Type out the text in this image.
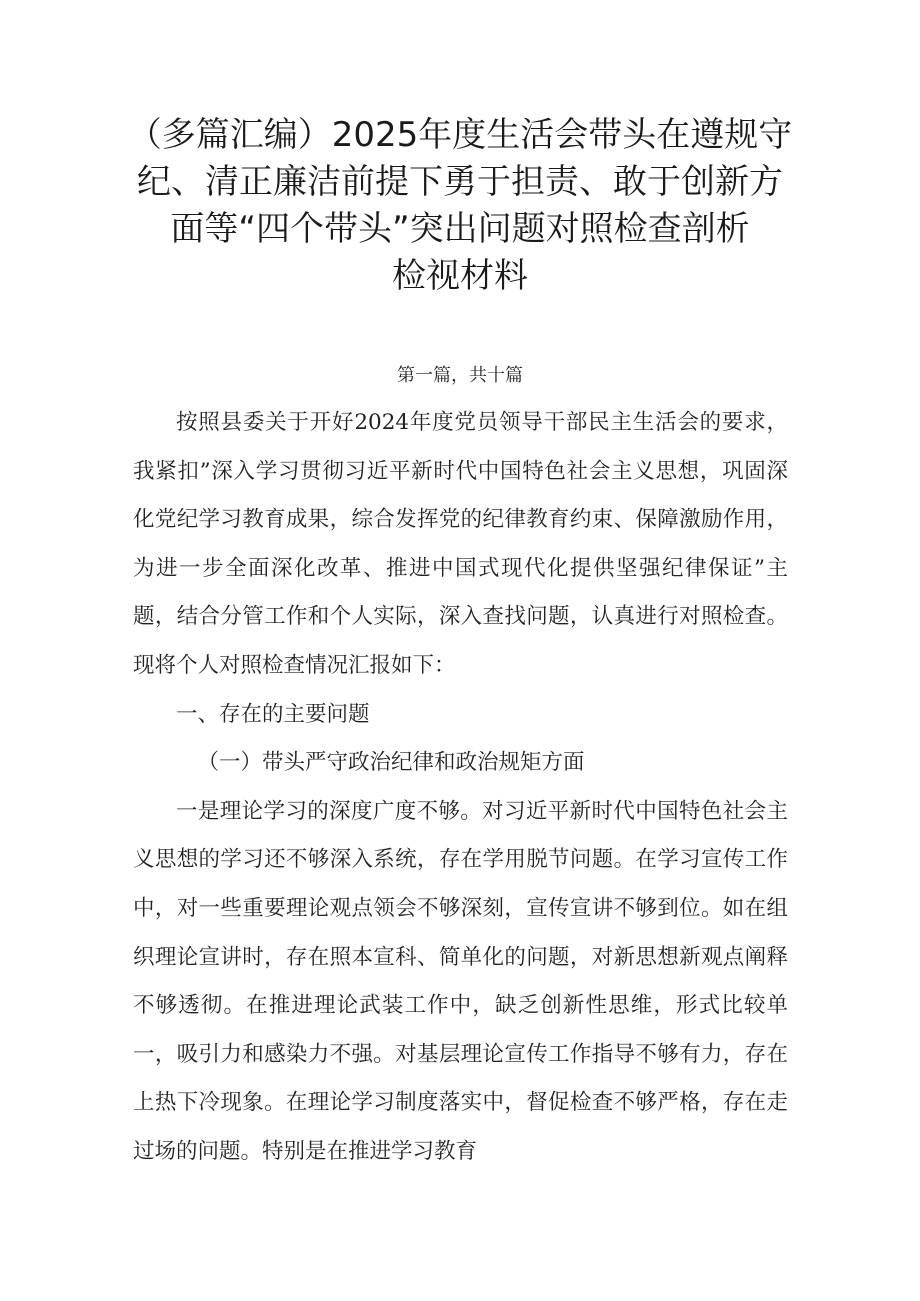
（多篇汇编）2025年度生活会带头在遵规守
纪、清正廉洁前提下勇于担责、敢于创新方
面等“四个带头”突出问题对照检查剖析
检视材料

第一篇，共十篇

按照县委关于开好2024年度党员领导干部民主生活会的要求，我紧扣”深入学习贯彻习近平新时代中国特色社会主义思想，巩固深化党纪学习教育成果，综合发挥党的纪律教育约束、保障激励作用，为进一步全面深化改革、推进中国式现代化提供坚强纪律保证”主题，结合分管工作和个人实际，深入查找问题，认真进行对照检查。现将个人对照检查情况汇报如下：

一、存在的主要问题

（一）带头严守政治纪律和政治规矩方面

一是理论学习的深度广度不够。对习近平新时代中国特色社会主义思想的学习还不够深入系统，存在学用脱节问题。在学习宣传工作中，对一些重要理论观点领会不够深刻，宣传宣讲不够到位。如在组织理论宣讲时，存在照本宣科、简单化的问题，对新思想新观点阐释不够透彻。在推进理论武装工作中，缺乏创新性思维，形式比较单一，吸引力和感染力不强。对基层理论宣传工作指导不够有力，存在上热下冷现象。在理论学习制度落实中，督促检查不够严格，存在走过场的问题。特别是在推进学习教育
